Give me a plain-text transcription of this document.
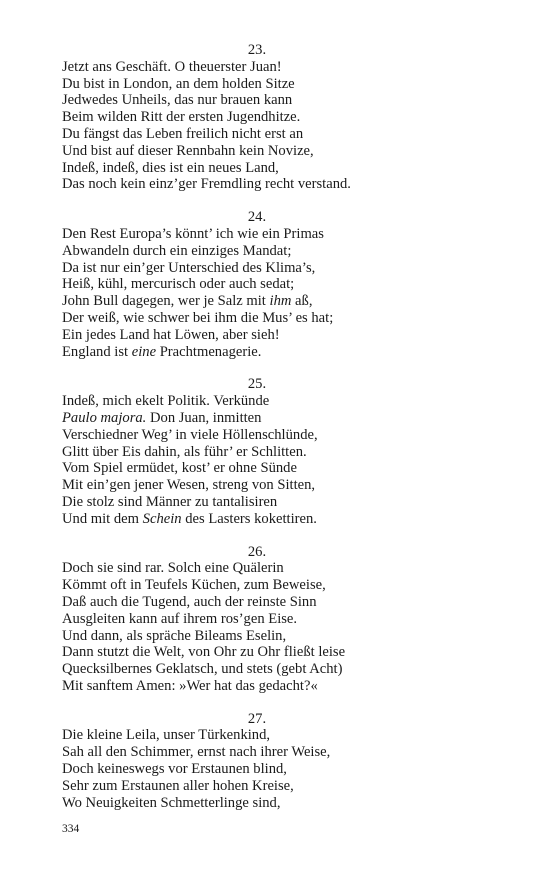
23.
Jetzt ans Geschäft. O theuerster Juan!
Du bist in London, an dem holden Sitze
Jedwedes Unheils, das nur brauen kann
Beim wilden Ritt der ersten Jugendhitze.
Du fängst das Leben freilich nicht erst an
Und bist auf dieser Rennbahn kein Novize,
Indeß, indeß, dies ist ein neues Land,
Das noch kein einz’ger Fremdling recht verstand.
24.
Den Rest Europa’s könnt’ ich wie ein Primas
Abwandeln durch ein einziges Mandat;
Da ist nur ein’ger Unterschied des Klima’s,
Heiß, kühl, mercurisch oder auch sedat;
John Bull dagegen, wer je Salz mit ihm aß,
Der weiß, wie schwer bei ihm die Mus’ es hat;
Ein jedes Land hat Löwen, aber sieh!
England ist eine Prachtmenagerie.
25.
Indeß, mich ekelt Politik. Verkünde
Paulo majora. Don Juan, inmitten
Verschiedner Weg’ in viele Höllenschlünde,
Glitt über Eis dahin, als führ’ er Schlitten.
Vom Spiel ermüdet, kost’ er ohne Sünde
Mit ein’gen jener Wesen, streng von Sitten,
Die stolz sind Männer zu tantalisiren
Und mit dem Schein des Lasters kokettiren.
26.
Doch sie sind rar. Solch eine Quälerin
Kömmt oft in Teufels Küchen, zum Beweise,
Daß auch die Tugend, auch der reinste Sinn
Ausgleiten kann auf ihrem ros’gen Eise.
Und dann, als spräche Bileams Eselin,
Dann stutzt die Welt, von Ohr zu Ohr fließt leise
Quecksilbernes Geklatsch, und stets (gebt Acht)
Mit sanftem Amen: »Wer hat das gedacht?«
27.
Die kleine Leila, unser Türkenkind,
Sah all den Schimmer, ernst nach ihrer Weise,
Doch keineswegs vor Erstaunen blind,
Sehr zum Erstaunen aller hohen Kreise,
Wo Neuigkeiten Schmetterlinge sind,
334
